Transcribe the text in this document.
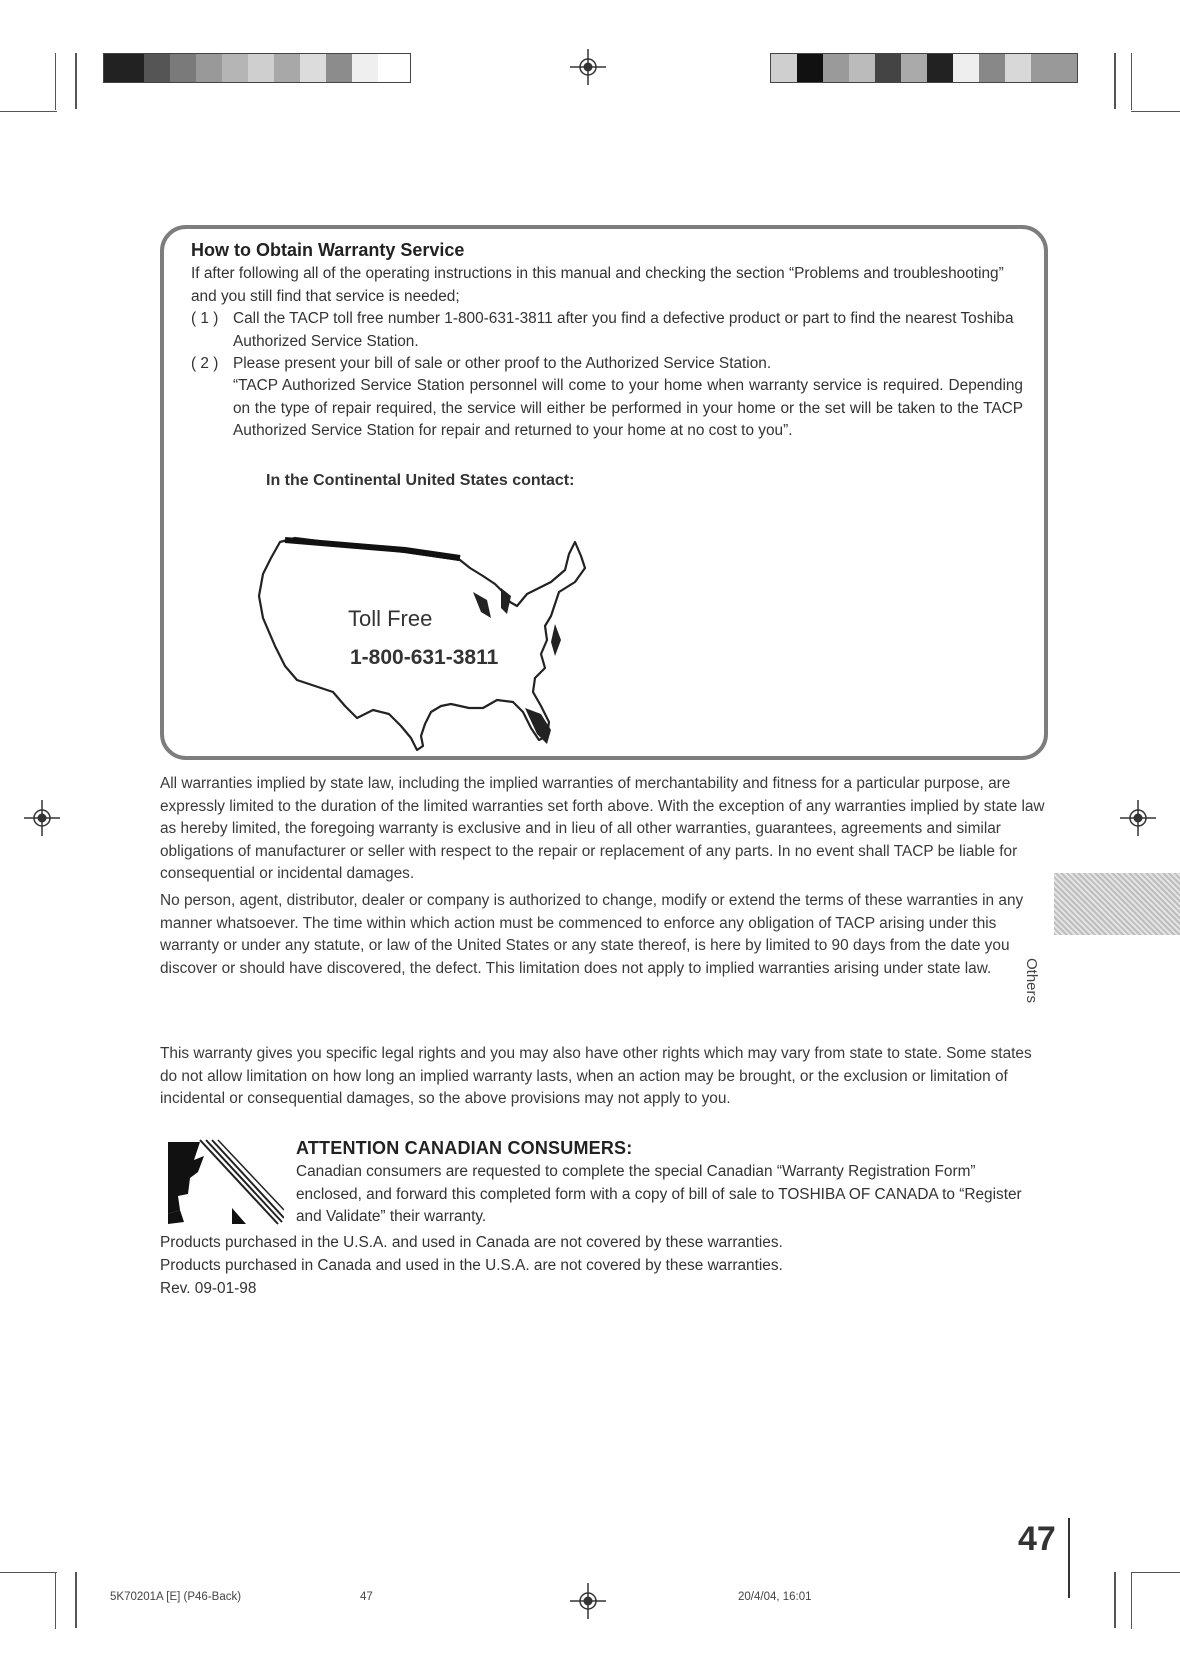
How to Obtain Warranty Service
If after following all of the operating instructions in this manual and checking the section “Problems and troubleshooting” and you still find that service is needed;
( 1 ) Call the TACP toll free number 1-800-631-3811 after you find a defective product or part to find the nearest Toshiba Authorized Service Station.
( 2 ) Please present your bill of sale or other proof to the Authorized Service Station.
“TACP Authorized Service Station personnel will come to your home when warranty service is required. Depending on the type of repair required, the service will either be performed in your home or the set will be taken to the TACP Authorized Service Station for repair and returned to your home at no cost to you”.
In the Continental United States contact:
Toll Free
1-800-631-3811
All warranties implied by state law, including the implied warranties of merchantability and fitness for a particular purpose, are expressly limited to the duration of the limited warranties set forth above. With the exception of any warranties implied by state law as hereby limited, the foregoing warranty is exclusive and in lieu of all other warranties, guarantees, agreements and similar obligations of manufacturer or seller with respect to the repair or replacement of any parts. In no event shall TACP be liable for consequential or incidental damages.
No person, agent, distributor, dealer or company is authorized to change, modify or extend the terms of these warranties in any manner whatsoever. The time within which action must be commenced to enforce any obligation of TACP arising under this warranty or under any statute, or law of the United States or any state thereof, is here by limited to 90 days from the date you discover or should have discovered, the defect. This limitation does not apply to implied warranties arising under state law.
This warranty gives you specific legal rights and you may also have other rights which may vary from state to state. Some states do not allow limitation on how long an implied warranty lasts, when an action may be brought, or the exclusion or limitation of incidental or consequential damages, so the above provisions may not apply to you.
ATTENTION CANADIAN CONSUMERS:
Canadian consumers are requested to complete the special Canadian “Warranty Registration Form” enclosed, and forward this completed form with a copy of bill of sale to TOSHIBA OF CANADA to “Register and Validate” their warranty.
Products purchased in the U.S.A. and used in Canada are not covered by these warranties.
Products purchased in Canada and used in the U.S.A. are not covered by these warranties.
Rev. 09-01-98
Others
47
5K70201A [E] (P46-Back)	47	20/4/04, 16:01
